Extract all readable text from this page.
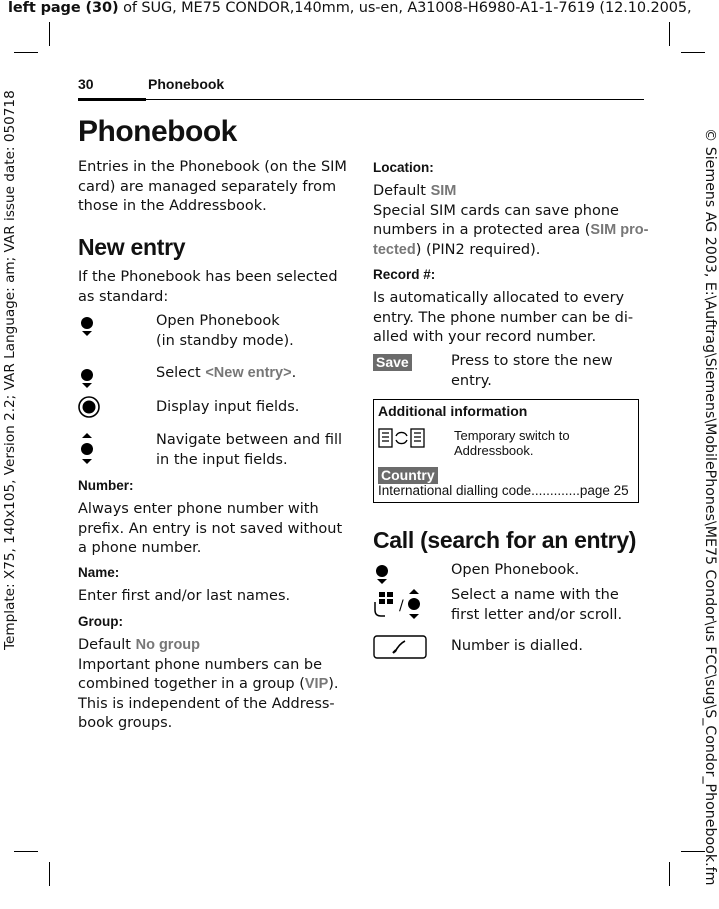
left page (30) of SUG, ME75 CONDOR,140mm, us-en, A31008-H6980-A1-1-7619 (12.10.2005,
Template: X75, 140x105, Version 2.2; VAR Language: am; VAR issue date: 050718	© Siemens AG 2003, E:\Auftrag\Siemens\MobilePhones\ME75 Condor\us FCC\sug\S_Condor_Phonebook.fm
30	Phonebook
Phonebook
Entries in the Phonebook (on the SIM
card) are managed separately from
those in the Addressbook.
New entry
If the Phonebook has been selected
as standard:
Open Phonebook
(in standby mode).
Select <New entry>.
Display input fields.
Navigate between and fill
in the input fields.
Number:
Always enter phone number with
prefix. An entry is not saved without
a phone number.
Name:
Enter first and/or last names.
Group:
Default No group
Important phone numbers can be
combined together in a group (VIP).
This is independent of the Address-
book groups.
Location:
Default SIM
Special SIM cards can save phone
numbers in a protected area (SIM pro-
tected) (PIN2 required).
Record #:
Is automatically allocated to every
entry. The phone number can be di-
alled with your record number.
Save	Press to store the new
entry.
Additional information
Temporary switch to
Addressbook.
Country
International dialling code.............page 25
Call (search for an entry)
Open Phonebook.
/
Select a name with the
first letter and/or scroll.
Number is dialled.
